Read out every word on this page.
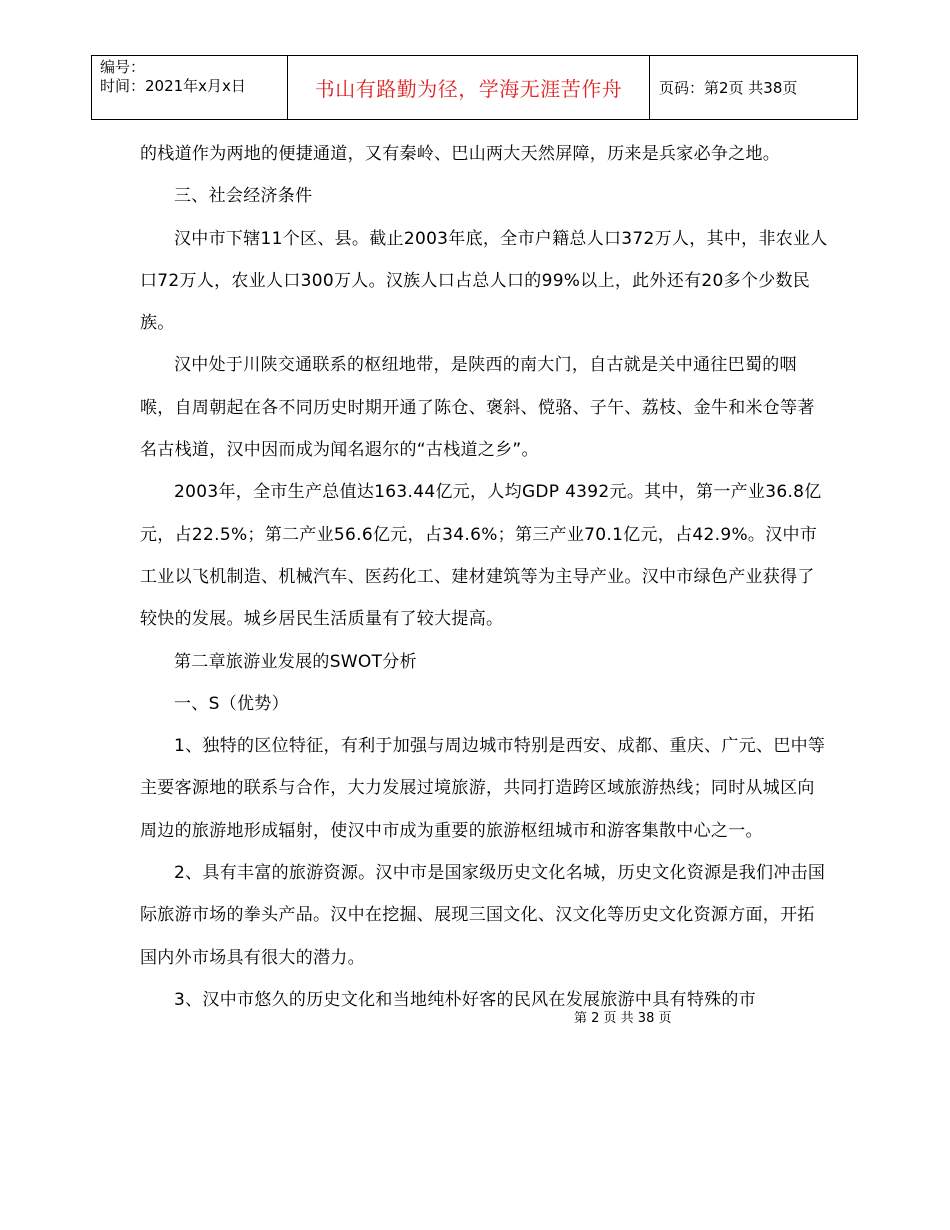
编号：
时间：2021年x月x日	书山有路勤为径，学海无涯苦作舟	页码：第2页 共38页

的栈道作为两地的便捷通道，又有秦岭、巴山两大天然屏障，历来是兵家必争之地。

三、社会经济条件

汉中市下辖11个区、县。截止2003年底，全市户籍总人口372万人，其中，非农业人口72万人，农业人口300万人。汉族人口占总人口的99%以上，此外还有20多个少数民族。

汉中处于川陕交通联系的枢纽地带，是陕西的南大门，自古就是关中通往巴蜀的咽喉，自周朝起在各不同历史时期开通了陈仓、褒斜、傥骆、子午、荔枝、金牛和米仓等著名古栈道，汉中因而成为闻名遐尔的“古栈道之乡”。

2003年，全市生产总值达163.44亿元，人均GDP 4392元。其中，第一产业36.8亿元，占22.5%；第二产业56.6亿元，占34.6%；第三产业70.1亿元，占42.9%。汉中市工业以飞机制造、机械汽车、医药化工、建材建筑等为主导产业。汉中市绿色产业获得了较快的发展。城乡居民生活质量有了较大提高。

第二章旅游业发展的SWOT分析

一、S（优势）

1、独特的区位特征，有利于加强与周边城市特别是西安、成都、重庆、广元、巴中等主要客源地的联系与合作，大力发展过境旅游，共同打造跨区域旅游热线；同时从城区向周边的旅游地形成辐射，使汉中市成为重要的旅游枢纽城市和游客集散中心之一。

2、具有丰富的旅游资源。汉中市是国家级历史文化名城，历史文化资源是我们冲击国际旅游市场的拳头产品。汉中在挖掘、展现三国文化、汉文化等历史文化资源方面，开拓国内外市场具有很大的潜力。

3、汉中市悠久的历史文化和当地纯朴好客的民风在发展旅游中具有特殊的市

第 2 页 共 38 页
